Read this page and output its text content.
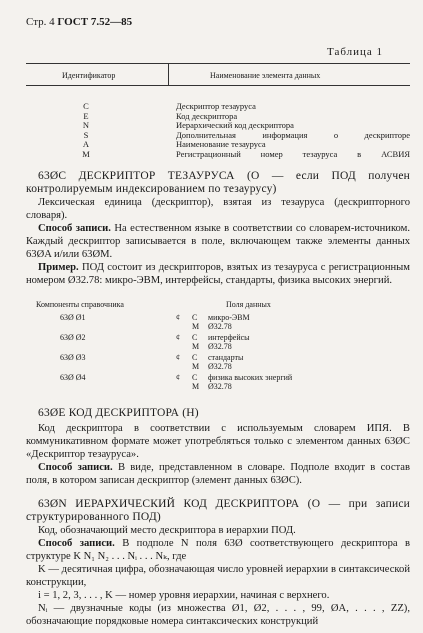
Стр. 4 ГОСТ 7.52—85
Таблица 1
Идентификатор	Наименование элемента данных
C	Дескриптор тезауруса
E	Код дескриптора
N	Иерархический код дескриптора
S	Дополнительная информация о дескрипторе
A	Наименование тезауруса
M	Регистрационный номер тезауруса в АСВИЯ
63ØC ДЕСКРИПТОР ТЕЗАУРУСА (О — если ПОД получен контролируемым индексированием по тезаурусу)
Лексическая единица (дескриптор), взятая из тезауруса (дескрипторного словаря).
Способ записи. На естественном языке в соответствии со словарем-источником. Каждый дескриптор записывается в поле, включающем также элементы данных 63ØA и/или 63ØM.
Пример. ПОД состоит из дескрипторов, взятых из тезауруса с регистрационным номером Ø32.78: микро-ЭВМ, интерфейсы, стандарты, физика высоких энергий.
Компоненты справочника	Поля данных
63Ø Ø1	¢ C микро-ЭВМ
M Ø32.78
63Ø Ø2	¢ C интерфейсы
M Ø32.78
63Ø Ø3	¢ C стандарты
M Ø32.78
63Ø Ø4	¢ C физика высоких энергий
M Ø32.78
63ØE КОД ДЕСКРИПТОРА (Н)
Код дескриптора в соответствии с используемым словарем ИПЯ. В коммуникативном формате может употребляться только с элементом данных 63ØC «Дескриптор тезауруса».
Способ записи. В виде, представленном в словаре. Подполе входит в состав поля, в котором записан дескриптор (элемент данных 63ØC).
63ØN ИЕРАРХИЧЕСКИЙ КОД ДЕСКРИПТОРА (О — при записи структурированного ПОД)
Код, обозначающий место дескриптора в иерархии ПОД.
Способ записи. В подполе N поля 63Ø соответствующего дескриптора в структуре K N₁ N₂ . . . Nᵢ . . . Nₖ, где
K — десятичная цифра, обозначающая число уровней иерархии в синтаксической конструкции,
i = 1, 2, 3, . . . , K — номер уровня иерархии, начиная с верхнего.
Nᵢ — двузначные коды (из множества Ø1, Ø2, . . . , 99, ØA, . . . , ZZ), обозначающие порядковые номера синтаксических конструкций
